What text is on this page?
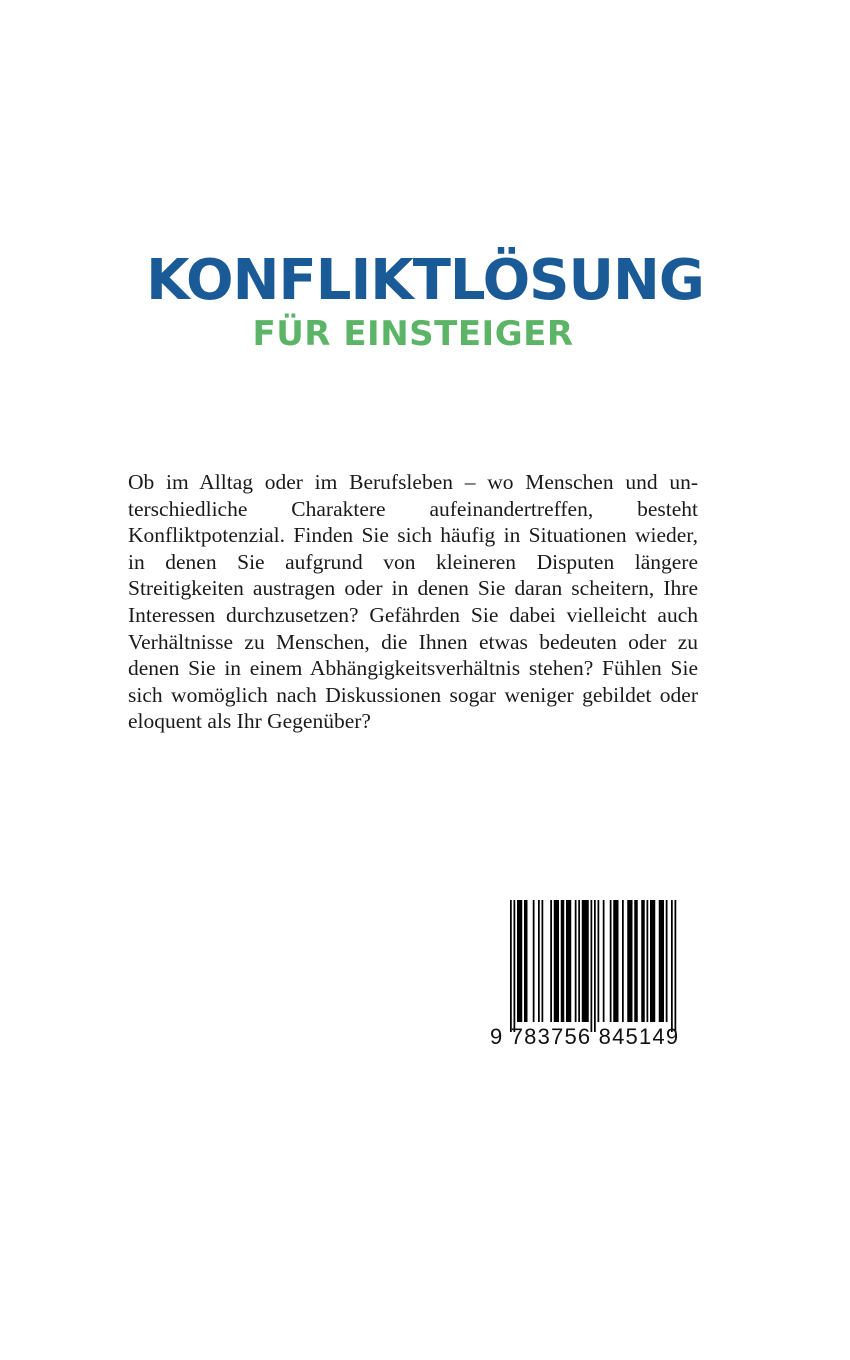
KONFLIKTLÖSUNG
FÜR EINSTEIGER
Ob im Alltag oder im Berufsleben – wo Menschen und unterschiedliche Charaktere aufeinandertreffen, besteht Konfliktpotenzial. Finden Sie sich häufig in Situationen wieder, in denen Sie aufgrund von kleineren Disputen längere Streitigkeiten austragen oder in denen Sie daran scheitern, Ihre Interessen durchzusetzen? Gefährden Sie dabei vielleicht auch Verhältnisse zu Menschen, die Ihnen etwas bedeuten oder zu denen Sie in einem Abhängigkeitsverhältnis stehen? Fühlen Sie sich womöglich nach Diskussionen sogar weniger gebildet oder eloquent als Ihr Gegenüber?
9 783756 845149
